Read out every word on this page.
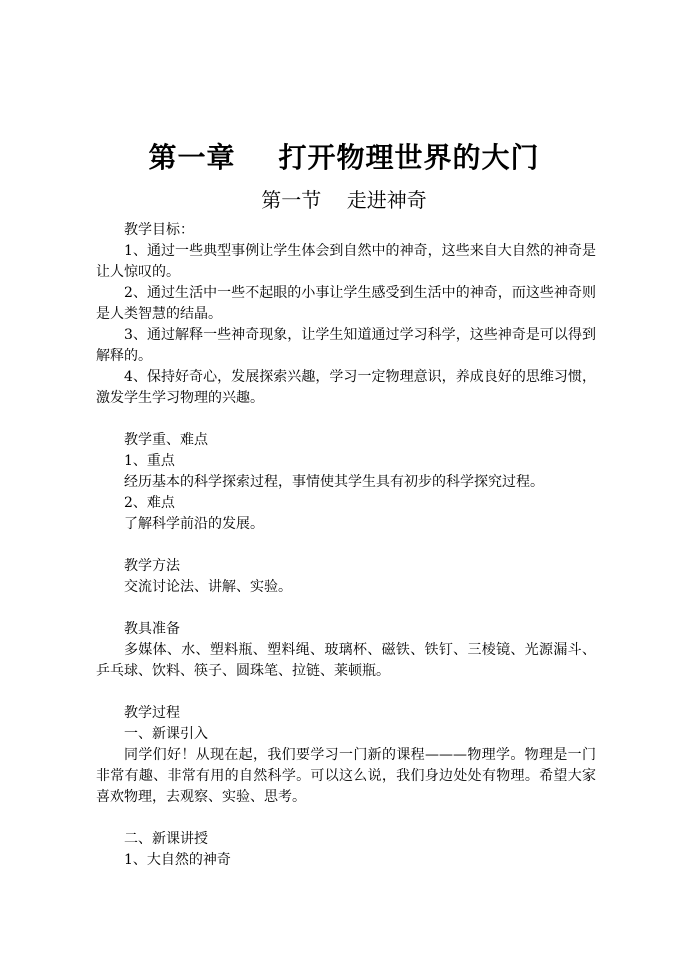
第一章    打开物理世界的大门
第一节    走进神奇
教学目标：
1、通过一些典型事例让学生体会到自然中的神奇，这些来自大自然的神奇是
让人惊叹的。
2、通过生活中一些不起眼的小事让学生感受到生活中的神奇，而这些神奇则
是人类智慧的结晶。
3、通过解释一些神奇现象，让学生知道通过学习科学，这些神奇是可以得到
解释的。
4、保持好奇心，发展探索兴趣，学习一定物理意识，养成良好的思维习惯，
激发学生学习物理的兴趣。
教学重、难点
1、重点
经历基本的科学探索过程，事情使其学生具有初步的科学探究过程。
2、难点
了解科学前沿的发展。
教学方法
交流讨论法、讲解、实验。
教具准备
多媒体、水、塑料瓶、塑料绳、玻璃杯、磁铁、铁钉、三棱镜、光源漏斗、
乒乓球、饮料、筷子、圆珠笔、拉链、莱顿瓶。
教学过程
一、新课引入
同学们好！从现在起，我们要学习一门新的课程———物理学。物理是一门
非常有趣、非常有用的自然科学。可以这么说，我们身边处处有物理。希望大家
喜欢物理，去观察、实验、思考。
二、新课讲授
1、大自然的神奇
